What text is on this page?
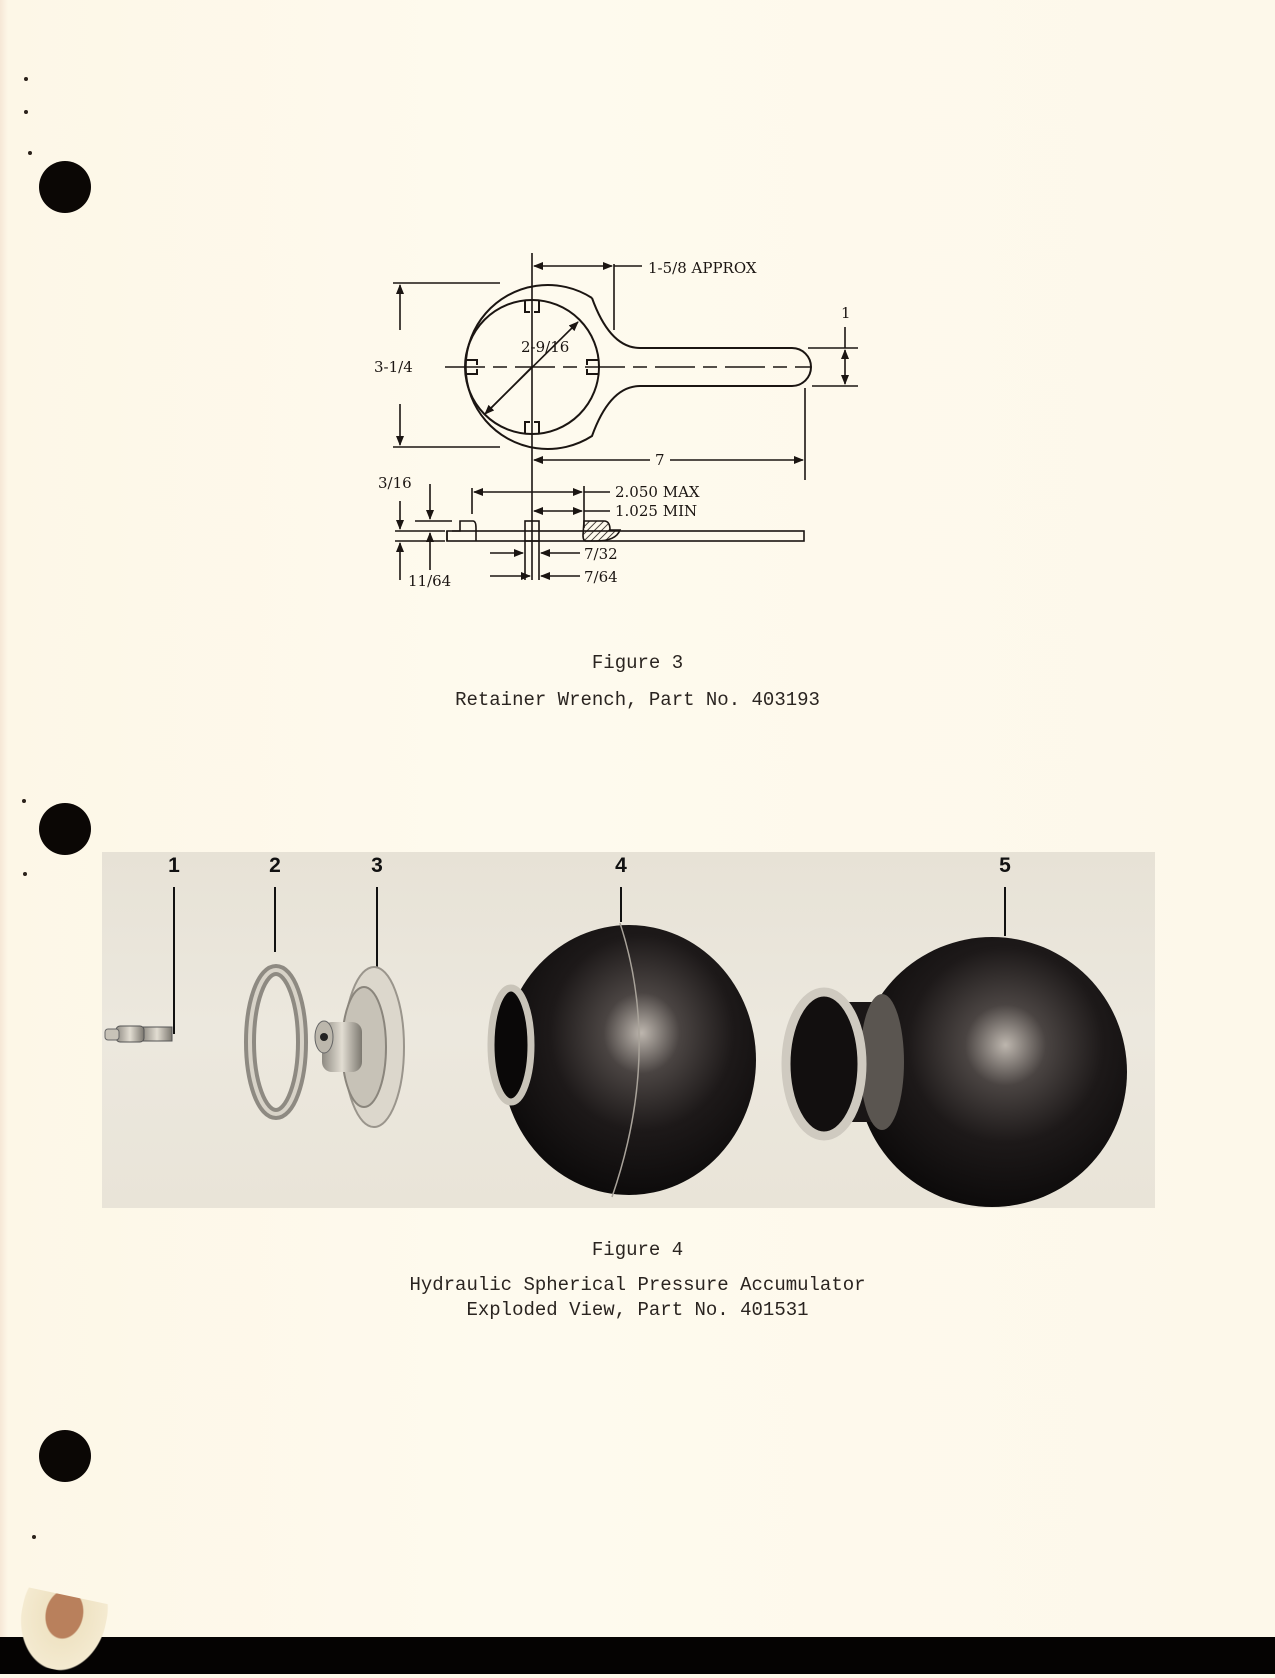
1-5/8 APPROX
1
3-1/4
2-9/16
7
3/16	2.050 MAX
1.025 MIN
11/64
7/32
7/64
Figure 3
Retainer Wrench, Part No. 403193
1	2	3	4	5
Figure 4
Hydraulic Spherical Pressure Accumulator
Exploded View, Part No. 401531
